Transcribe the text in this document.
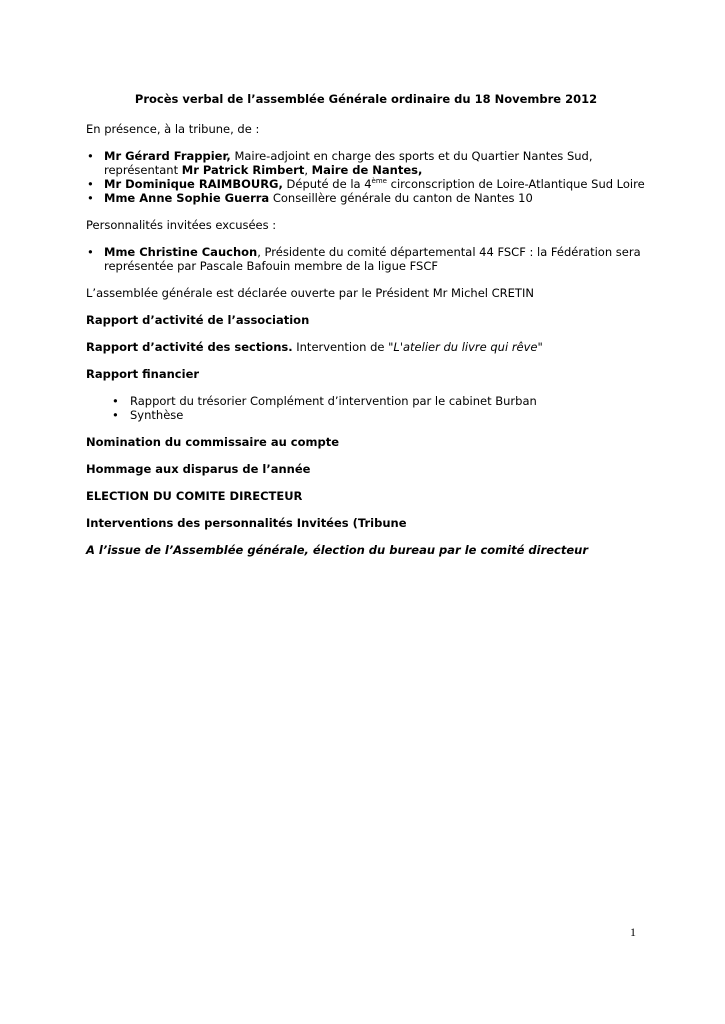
Procès verbal de l’assemblée Générale ordinaire du 18 Novembre 2012

En présence, à la tribune, de :

• Mr Gérard Frappier, Maire-adjoint en charge des sports et du Quartier Nantes Sud, représentant Mr Patrick Rimbert, Maire de Nantes,
• Mr Dominique RAIMBOURG, Député de la 4ème circonscription de Loire-Atlantique Sud Loire
• Mme Anne Sophie Guerra Conseillère générale du canton de Nantes 10

Personnalités invitées excusées :

• Mme Christine Cauchon, Présidente du comité départemental 44 FSCF : la Fédération sera représentée par Pascale Bafouin membre de la ligue FSCF

L’assemblée générale est déclarée ouverte par le Président Mr Michel CRETIN

Rapport d’activité de l’association

Rapport d’activité des sections. Intervention de "L'atelier du livre qui rêve"

Rapport financier

• Rapport du trésorier Complément d’intervention par le cabinet Burban
• Synthèse

Nomination du commissaire au compte

Hommage aux disparus de l’année

ELECTION DU COMITE DIRECTEUR

Interventions des personnalités Invitées (Tribune

A l’issue de l’Assemblée générale, élection du bureau par le comité directeur

1
